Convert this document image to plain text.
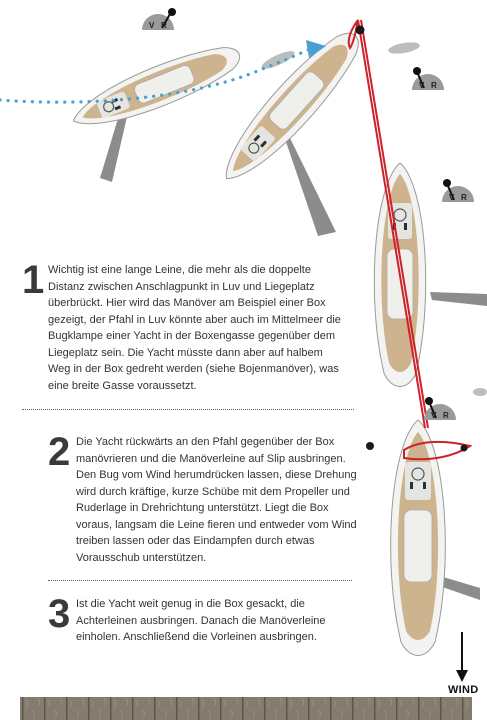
V R
V R
V R
V R
1 Wichtig ist eine lange Leine, die mehr als die doppelte Distanz zwischen Anschlagpunkt in Luv und Liegeplatz überbrückt. Hier wird das Manöver am Beispiel einer Box gezeigt, der Pfahl in Luv könnte aber auch im Mittelmeer die Bugklampe einer Yacht in der Boxengasse gegenüber dem Liegeplatz sein. Die Yacht müsste dann aber auf halbem Weg in der Box gedreht werden (siehe Bojenmanöver), was eine breite Gasse voraussetzt.
2 Die Yacht rückwärts an den Pfahl gegenüber der Box manövrieren und die Manöverleine auf Slip ausbringen. Den Bug vom Wind herumdrücken lassen, diese Drehung wird durch kräftige, kurze Schübe mit dem Propeller und Ruderlage in Drehrichtung unterstützt. Liegt die Box voraus, langsam die Leine fieren und entweder vom Wind treiben lassen oder das Eindampfen durch etwas Vorausschub unterstützen.
3 Ist die Yacht weit genug in die Box gesackt, die Achterleinen ausbringen. Danach die Manöverleine einholen. Anschließend die Vorleinen ausbringen.
WIND
